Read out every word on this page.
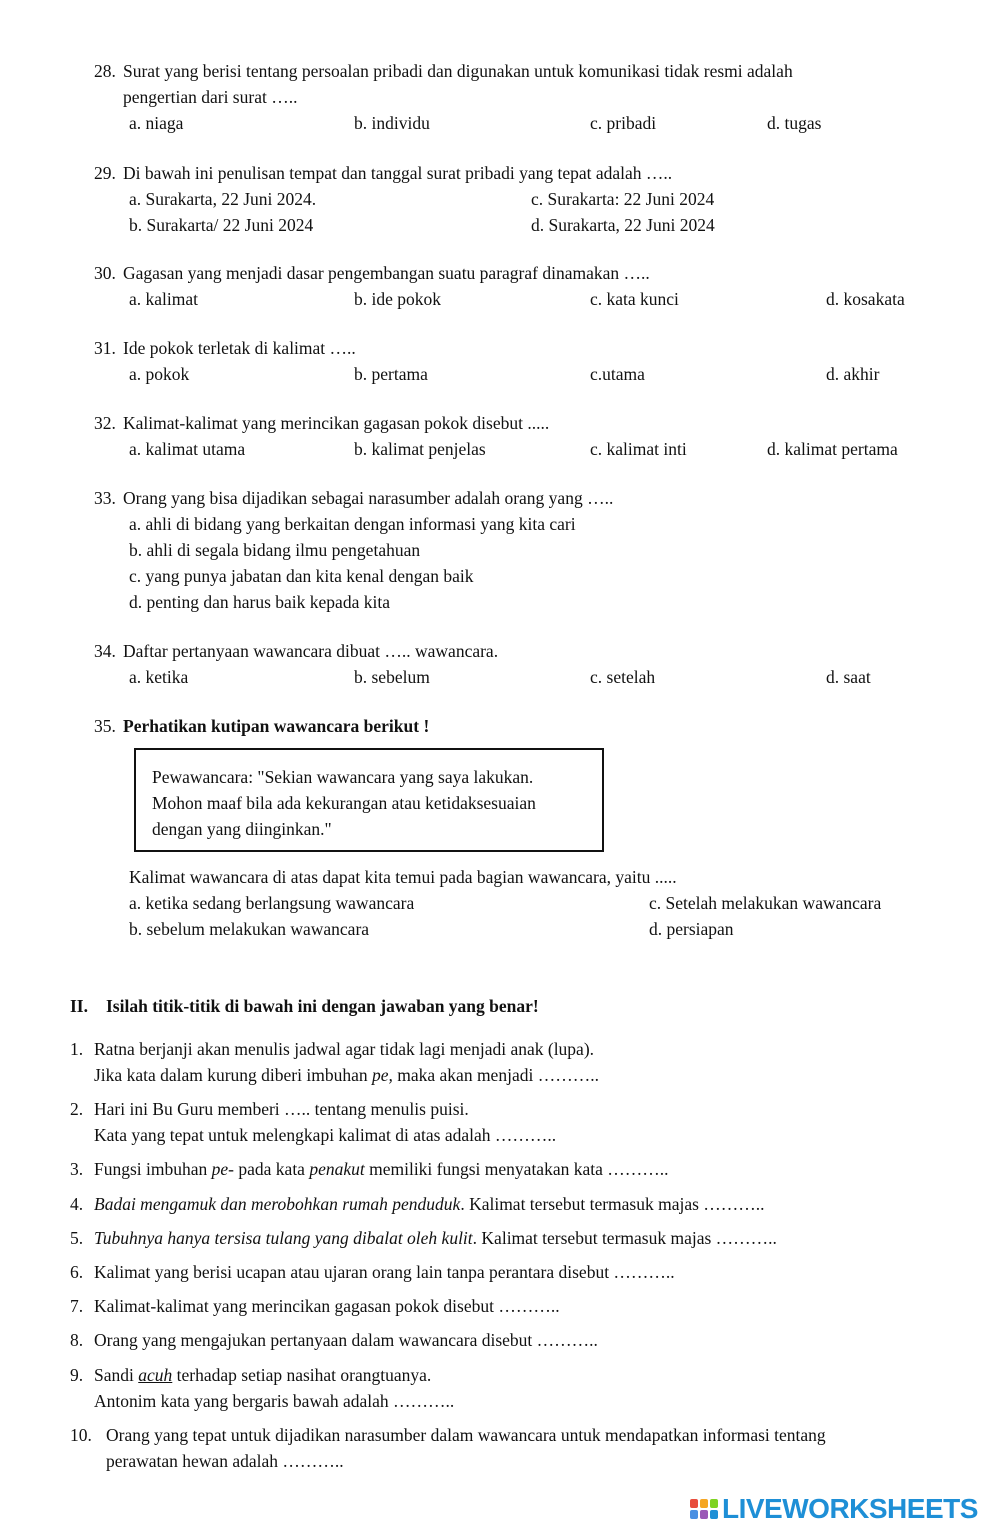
28. Surat yang berisi tentang persoalan pribadi dan digunakan untuk komunikasi tidak resmi adalah
pengertian dari surat …..
a. niaga	b. individu	c. pribadi	d. tugas
29. Di bawah ini penulisan tempat dan tanggal surat pribadi yang tepat adalah …..
a. Surakarta, 22 Juni 2024.	c. Surakarta: 22 Juni 2024
b. Surakarta/ 22 Juni 2024	d. Surakarta, 22 Juni 2024
30. Gagasan yang menjadi dasar pengembangan suatu paragraf dinamakan …..
a. kalimat	b. ide pokok	c. kata kunci	d. kosakata
31. Ide pokok terletak di kalimat …..
a. pokok	b. pertama	c.utama	d. akhir
32. Kalimat-kalimat yang merincikan gagasan pokok disebut .....
a. kalimat utama	b. kalimat penjelas	c. kalimat inti	d. kalimat pertama
33. Orang yang bisa dijadikan sebagai narasumber adalah orang yang …..
a. ahli di bidang yang berkaitan dengan informasi yang kita cari
b. ahli di segala bidang ilmu pengetahuan
c. yang punya jabatan dan kita kenal dengan baik
d. penting dan harus baik kepada kita
34. Daftar pertanyaan wawancara dibuat ….. wawancara.
a. ketika	b. sebelum	c. setelah	d. saat
35. Perhatikan kutipan wawancara berikut !
Pewawancara: "Sekian wawancara yang saya lakukan.
Mohon maaf bila ada kekurangan atau ketidaksesuaian
dengan yang diinginkan."
Kalimat wawancara di atas dapat kita temui pada bagian wawancara, yaitu .....
a. ketika sedang berlangsung wawancara	c. Setelah melakukan wawancara
b. sebelum melakukan wawancara	d. persiapan
II. Isilah titik-titik di bawah ini dengan jawaban yang benar!
1. Ratna berjanji akan menulis jadwal agar tidak lagi menjadi anak (lupa).
Jika kata dalam kurung diberi imbuhan pe, maka akan menjadi ………..
2. Hari ini Bu Guru memberi ….. tentang menulis puisi.
Kata yang tepat untuk melengkapi kalimat di atas adalah ………..
3. Fungsi imbuhan pe- pada kata penakut memiliki fungsi menyatakan kata ………..
4. Badai mengamuk dan merobohkan rumah penduduk. Kalimat tersebut termasuk majas ………..
5. Tubuhnya hanya tersisa tulang yang dibalat oleh kulit. Kalimat tersebut termasuk majas ………..
6. Kalimat yang berisi ucapan atau ujaran orang lain tanpa perantara disebut ………..
7. Kalimat-kalimat yang merincikan gagasan pokok disebut ………..
8. Orang yang mengajukan pertanyaan dalam wawancara disebut ………..
9. Sandi acuh terhadap setiap nasihat orangtuanya.
Antonim kata yang bergaris bawah adalah ………..
10. Orang yang tepat untuk dijadikan narasumber dalam wawancara untuk mendapatkan informasi tentang
perawatan hewan adalah ………..
LIVEWORKSHEETS
